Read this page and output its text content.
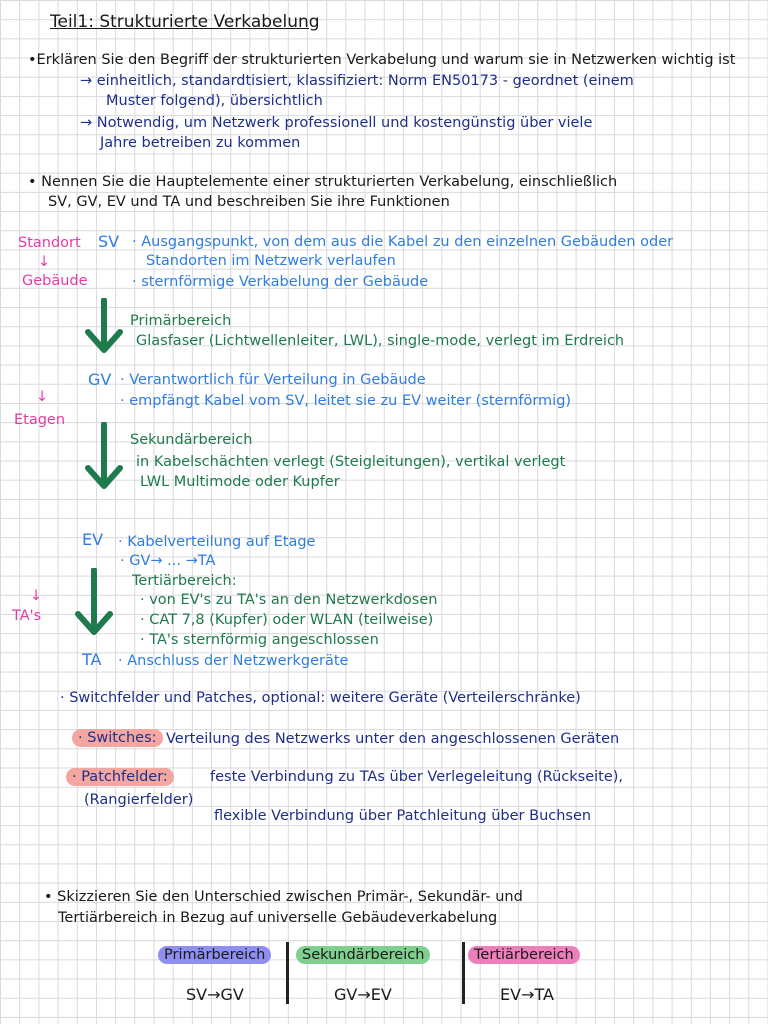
Teil1: Strukturierte Verkabelung
•Erklären Sie den Begriff der strukturierten Verkabelung und warum sie in Netzwerken wichtig ist
→ einheitlich, standardtisiert, klassifiziert: Norm EN50173 - geordnet (einem
Muster folgend), übersichtlich
→ Notwendig, um Netzwerk professionell und kostengünstig über viele
Jahre betreiben zu kommen
• Nennen Sie die Hauptelemente einer strukturierten Verkabelung, einschließlich
SV, GV, EV und TA und beschreiben Sie ihre Funktionen
Standort
↓
Gebäude
SV · Ausgangspunkt, von dem aus die Kabel zu den einzelnen Gebäuden oder
Standorten im Netzwerk verlaufen
· sternförmige Verkabelung der Gebäude
Primärbereich
Glasfaser (Lichtwellenleiter, LWL), single-mode, verlegt im Erdreich
↓
Etagen
GV · Verantwortlich für Verteilung in Gebäude
· empfängt Kabel vom SV, leitet sie zu EV weiter (sternförmig)
Sekundärbereich
in Kabelschächten verlegt (Steigleitungen), vertikal verlegt
LWL Multimode oder Kupfer
EV · Kabelverteilung auf Etage
· GV→ ... →TA
↓
TA's
Tertiärbereich:
· von EV's zu TA's an den Netzwerkdosen
· CAT 7,8 (Kupfer) oder WLAN (teilweise)
· TA's sternförmig angeschlossen
TA · Anschluss der Netzwerkgeräte
· Switchfelder und Patches, optional: weitere Geräte (Verteilerschränke)
· Switches: Verteilung des Netzwerks unter den angeschlossenen Geräten
· Patchfelder:
(Rangierfelder)
feste Verbindung zu TAs über Verlegeleitung (Rückseite),
flexible Verbindung über Patchleitung über Buchsen
• Skizzieren Sie den Unterschied zwischen Primär-, Sekundär- und
Tertiärbereich in Bezug auf universelle Gebäudeverkabelung
Primärbereich	Sekundärbereich	Tertiärbereich
SV→GV	GV→EV	EV→TA
